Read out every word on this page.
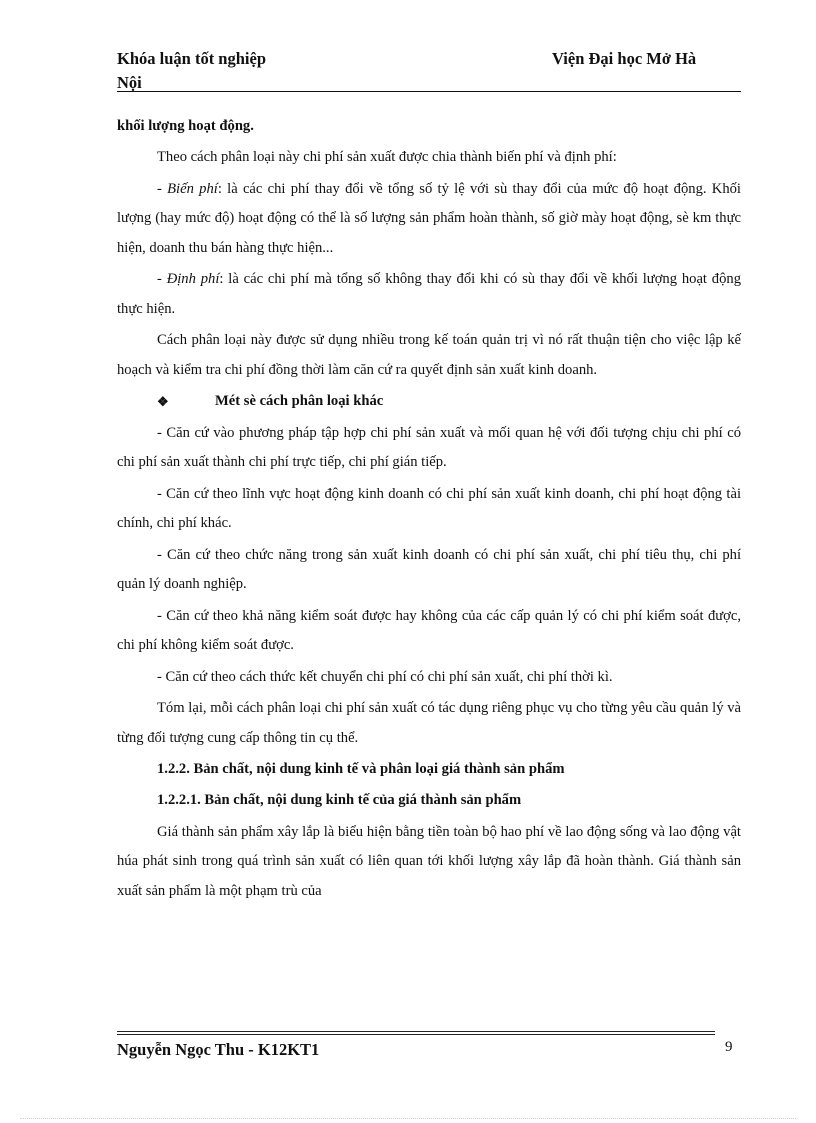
Khóa luận tốt nghiệp
Nội
Viện Đại học Mở Hà

khối lượng hoạt động.

Theo cách phân loại này chi phí sản xuất được chia thành biến phí và định phí:

- Biến phí: là các chi phí thay đổi về tổng số tỷ lệ với sù thay đổi của mức độ hoạt động. Khối lượng (hay mức độ) hoạt động có thể là số lượng sản phẩm hoàn thành, số giờ mày hoạt động, sè km thực hiện, doanh thu bán hàng thực hiện...

- Định phí: là các chi phí mà tổng số không thay đổi khi có sù thay đổi về khối lượng hoạt động thực hiện.

Cách phân loại này được sử dụng nhiều trong kế toán quản trị vì nó rất thuận tiện cho việc lập kế hoạch và kiểm tra chi phí đồng thời làm căn cứ ra quyết định sản xuất kinh doanh.

❖	Mét sè cách phân loại khác

- Căn cứ vào phương pháp tập hợp chi phí sản xuất và mối quan hệ với đối tượng chịu chi phí có chi phí sản xuất thành chi phí trực tiếp, chi phí gián tiếp.

- Căn cứ theo lĩnh vực hoạt động kinh doanh có chi phí sản xuất kinh doanh, chi phí hoạt động tài chính, chi phí khác.

- Căn cứ theo chức năng trong sản xuất kinh doanh có chi phí sản xuất, chi phí tiêu thụ, chi phí quản lý doanh nghiệp.

- Căn cứ theo khả năng kiểm soát được hay không của các cấp quản lý có chi phí kiểm soát được, chi phí không kiểm soát được.

- Căn cứ theo cách thức kết chuyển chi phí có chi phí sản xuất, chi phí thời kì.

Tóm lại, mỗi cách phân loại chi phí sản xuất có tác dụng riêng phục vụ cho từng yêu cầu quản lý và từng đối tượng cung cấp thông tin cụ thể.

1.2.2. Bản chất, nội dung kinh tế và phân loại giá thành sản phẩm

1.2.2.1. Bản chất, nội dung kinh tế của giá thành sản phẩm

Giá thành sản phẩm xây lắp là biểu hiện bằng tiền toàn bộ hao phí về lao động sống và lao động vật húa phát sinh trong quá trình sản xuất có liên quan tới khối lượng xây lắp đã hoàn thành. Giá thành sản xuất sản phẩm là một phạm trù của

Nguyễn Ngọc Thu - K12KT1	9
